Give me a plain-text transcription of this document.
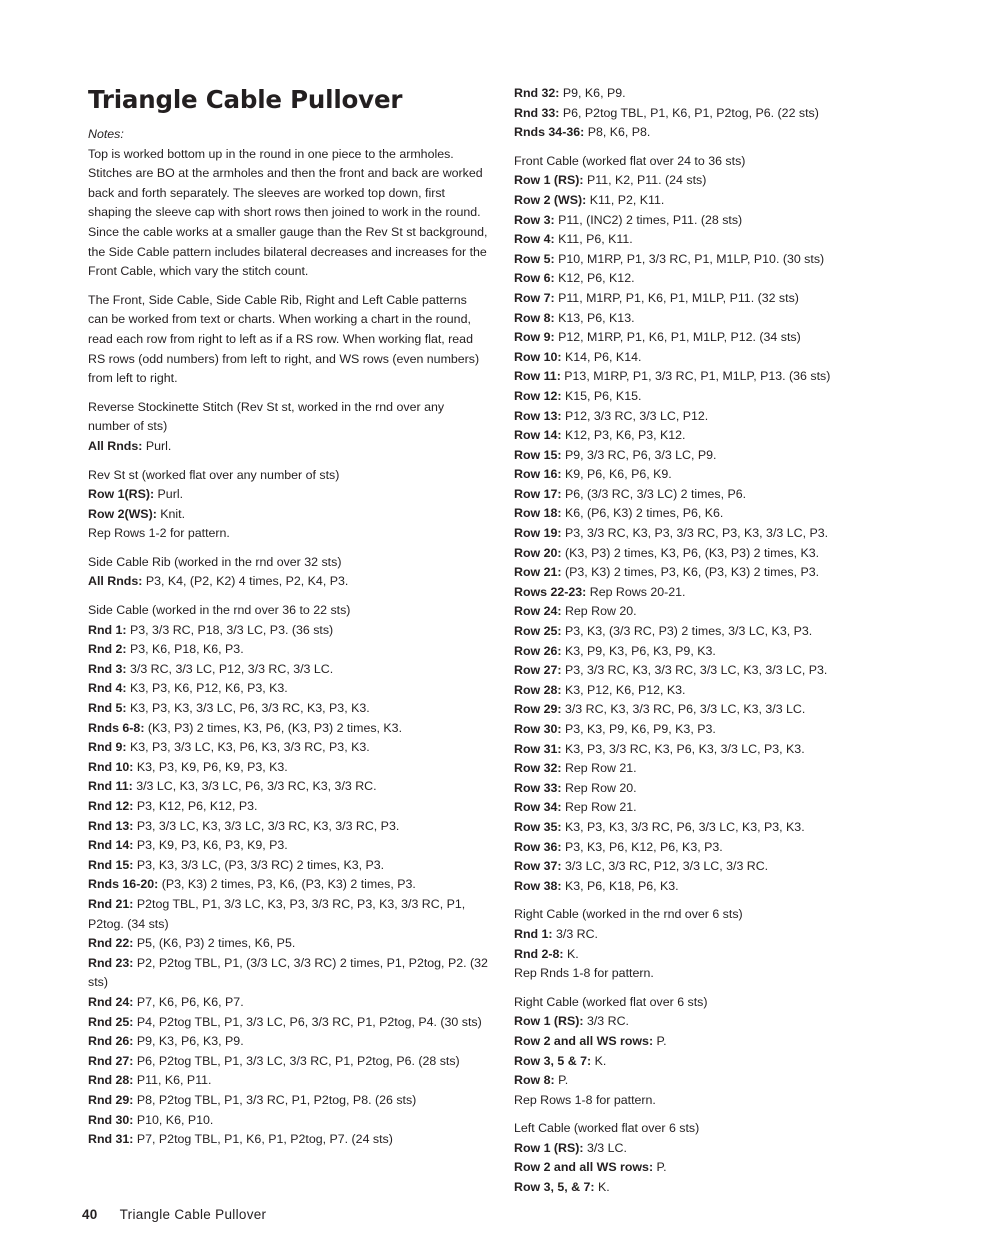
Triangle Cable Pullover

Notes:

Top is worked bottom up in the round in one piece to the armholes. Stitches are BO at the armholes and then the front and back are worked back and forth separately. The sleeves are worked top down, first shaping the sleeve cap with short rows then joined to work in the round.

Since the cable works at a smaller gauge than the Rev St st background, the Side Cable pattern includes bilateral decreases and increases for the Front Cable, which vary the stitch count.

The Front, Side Cable, Side Cable Rib, Right and Left Cable patterns can be worked from text or charts. When working a chart in the round, read each row from right to left as if a RS row. When working flat, read RS rows (odd numbers) from left to right, and WS rows (even numbers) from left to right.

Reverse Stockinette Stitch (Rev St st, worked in the rnd over any number of sts)

All Rnds: Purl.

Rev St st (worked flat over any number of sts)

Row 1(RS): Purl.

Row 2(WS): Knit.

Rep Rows 1-2 for pattern.

Side Cable Rib (worked in the rnd over 32 sts)

All Rnds: P3, K4, (P2, K2) 4 times, P2, K4, P3.

Side Cable (worked in the rnd over 36 to 22 sts)

Rnd 1: P3, 3/3 RC, P18, 3/3 LC, P3. (36 sts)

Rnd 2: P3, K6, P18, K6, P3.

Rnd 3: 3/3 RC, 3/3 LC, P12, 3/3 RC, 3/3 LC.

Rnd 4: K3, P3, K6, P12, K6, P3, K3.

Rnd 5: K3, P3, K3, 3/3 LC, P6, 3/3 RC, K3, P3, K3.

Rnds 6-8: (K3, P3) 2 times, K3, P6, (K3, P3) 2 times, K3.

Rnd 9: K3, P3, 3/3 LC, K3, P6, K3, 3/3 RC, P3, K3.

Rnd 10: K3, P3, K9, P6, K9, P3, K3.

Rnd 11: 3/3 LC, K3, 3/3 LC, P6, 3/3 RC, K3, 3/3 RC.

Rnd 12: P3, K12, P6, K12, P3.

Rnd 13: P3, 3/3 LC, K3, 3/3 LC, 3/3 RC, K3, 3/3 RC, P3.

Rnd 14: P3, K9, P3, K6, P3, K9, P3.

Rnd 15: P3, K3, 3/3 LC, (P3, 3/3 RC) 2 times, K3, P3.

Rnds 16-20: (P3, K3) 2 times, P3, K6, (P3, K3) 2 times, P3.

Rnd 21: P2tog TBL, P1, 3/3 LC, K3, P3, 3/3 RC, P3, K3, 3/3 RC, P1, P2tog. (34 sts)

Rnd 22: P5, (K6, P3) 2 times, K6, P5.

Rnd 23: P2, P2tog TBL, P1, (3/3 LC, 3/3 RC) 2 times, P1, P2tog, P2. (32 sts)

Rnd 24: P7, K6, P6, K6, P7.

Rnd 25: P4, P2tog TBL, P1, 3/3 LC, P6, 3/3 RC, P1, P2tog, P4. (30 sts)

Rnd 26: P9, K3, P6, K3, P9.

Rnd 27: P6, P2tog TBL, P1, 3/3 LC, 3/3 RC, P1, P2tog, P6. (28 sts)

Rnd 28: P11, K6, P11.

Rnd 29: P8, P2tog TBL, P1, 3/3 RC, P1, P2tog, P8. (26 sts)

Rnd 30: P10, K6, P10.

Rnd 31: P7, P2tog TBL, P1, K6, P1, P2tog, P7. (24 sts)

Rnd 32: P9, K6, P9.

Rnd 33: P6, P2tog TBL, P1, K6, P1, P2tog, P6. (22 sts)

Rnds 34-36: P8, K6, P8.

Front Cable (worked flat over 24 to 36 sts)

Row 1 (RS): P11, K2, P11. (24 sts)

Row 2 (WS): K11, P2, K11.

Row 3: P11, (INC2) 2 times, P11. (28 sts)

Row 4: K11, P6, K11.

Row 5: P10, M1RP, P1, 3/3 RC, P1, M1LP, P10. (30 sts)

Row 6: K12, P6, K12.

Row 7: P11, M1RP, P1, K6, P1, M1LP, P11. (32 sts)

Row 8: K13, P6, K13.

Row 9: P12, M1RP, P1, K6, P1, M1LP, P12. (34 sts)

Row 10: K14, P6, K14.

Row 11: P13, M1RP, P1, 3/3 RC, P1, M1LP, P13. (36 sts)

Row 12: K15, P6, K15.

Row 13: P12, 3/3 RC, 3/3 LC, P12.

Row 14: K12, P3, K6, P3, K12.

Row 15: P9, 3/3 RC, P6, 3/3 LC, P9.

Row 16: K9, P6, K6, P6, K9.

Row 17: P6, (3/3 RC, 3/3 LC) 2 times, P6.

Row 18: K6, (P6, K3) 2 times, P6, K6.

Row 19: P3, 3/3 RC, K3, P3, 3/3 RC, P3, K3, 3/3 LC, P3.

Row 20: (K3, P3) 2 times, K3, P6, (K3, P3) 2 times, K3.

Row 21: (P3, K3) 2 times, P3, K6, (P3, K3) 2 times, P3.

Rows 22-23: Rep Rows 20-21.

Row 24: Rep Row 20.

Row 25: P3, K3, (3/3 RC, P3) 2 times, 3/3 LC, K3, P3.

Row 26: K3, P9, K3, P6, K3, P9, K3.

Row 27: P3, 3/3 RC, K3, 3/3 RC, 3/3 LC, K3, 3/3 LC, P3.

Row 28: K3, P12, K6, P12, K3.

Row 29: 3/3 RC, K3, 3/3 RC, P6, 3/3 LC, K3, 3/3 LC.

Row 30: P3, K3, P9, K6, P9, K3, P3.

Row 31: K3, P3, 3/3 RC, K3, P6, K3, 3/3 LC, P3, K3.

Row 32: Rep Row 21.

Row 33: Rep Row 20.

Row 34: Rep Row 21.

Row 35: K3, P3, K3, 3/3 RC, P6, 3/3 LC, K3, P3, K3.

Row 36: P3, K3, P6, K12, P6, K3, P3.

Row 37: 3/3 LC, 3/3 RC, P12, 3/3 LC, 3/3 RC.

Row 38: K3, P6, K18, P6, K3.

Right Cable (worked in the rnd over 6 sts)

Rnd 1: 3/3 RC.

Rnd 2-8: K.

Rep Rnds 1-8 for pattern.

Right Cable (worked flat over 6 sts)

Row 1 (RS): 3/3 RC.

Row 2 and all WS rows: P.

Row 3, 5 & 7: K.

Row 8: P.

Rep Rows 1-8 for pattern.

Left Cable (worked flat over 6 sts)

Row 1 (RS): 3/3 LC.

Row 2 and all WS rows: P.

Row 3, 5, & 7: K.

40 Triangle Cable Pullover
